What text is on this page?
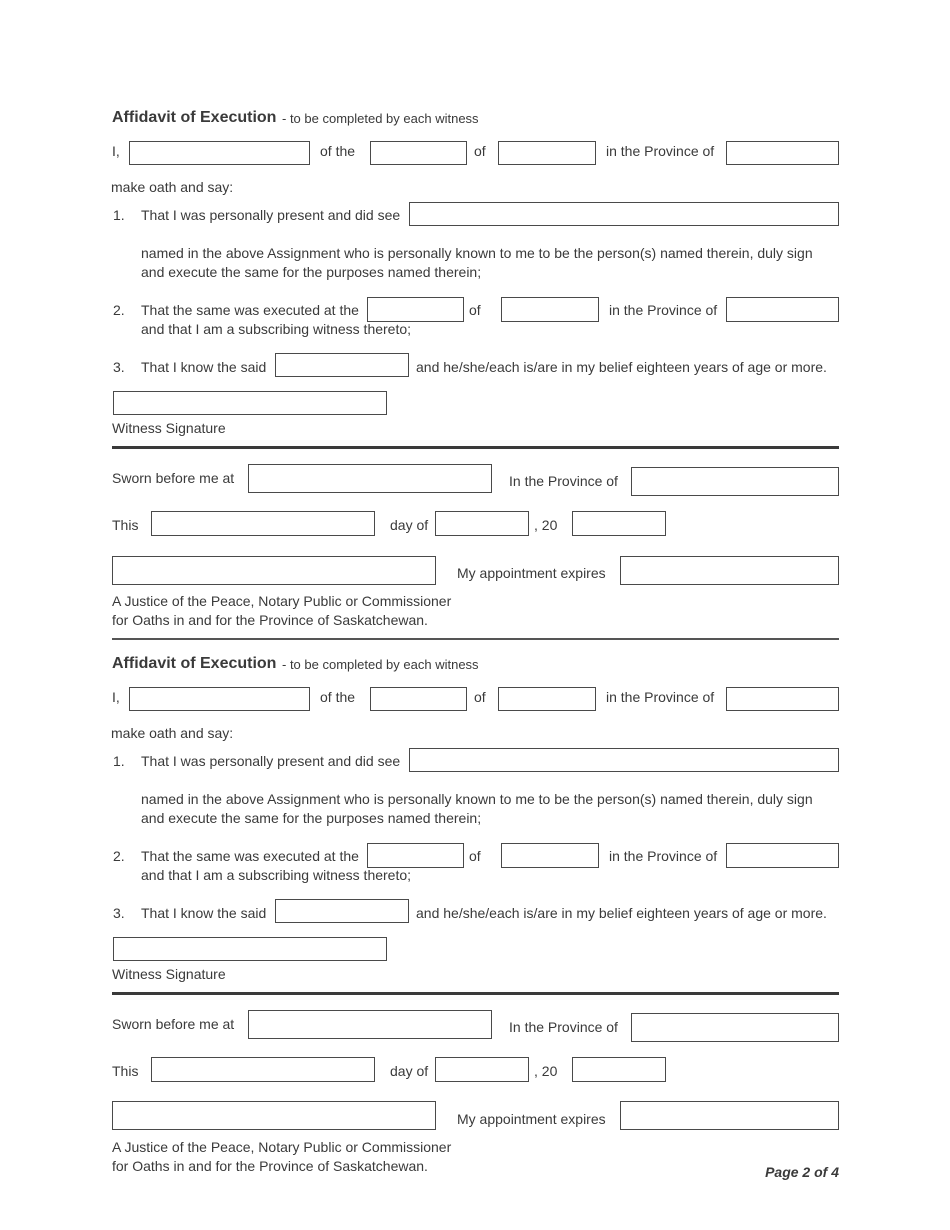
Affidavit of Execution - to be completed by each witness
I,	of the	of	in the Province of
make oath and say:
1. That I was personally present and did see
named in the above Assignment who is personally known to me to be the person(s) named therein, duly sign
and execute the same for the purposes named therein;
2. That the same was executed at the	of	in the Province of
and that I am a subscribing witness thereto;
3. That I know the said	and he/she/each is/are in my belief eighteen years of age or more.
Witness Signature
Sworn before me at	In the Province of
This	day of	, 20
My appointment expires
A Justice of the Peace, Notary Public or Commissioner
for Oaths in and for the Province of Saskatchewan.
Affidavit of Execution - to be completed by each witness
I,	of the	of	in the Province of
make oath and say:
1. That I was personally present and did see
named in the above Assignment who is personally known to me to be the person(s) named therein, duly sign
and execute the same for the purposes named therein;
2. That the same was executed at the	of	in the Province of
and that I am a subscribing witness thereto;
3. That I know the said	and he/she/each is/are in my belief eighteen years of age or more.
Witness Signature
Sworn before me at	In the Province of
This	day of	, 20
My appointment expires
A Justice of the Peace, Notary Public or Commissioner
for Oaths in and for the Province of Saskatchewan.	Page 2 of 4
